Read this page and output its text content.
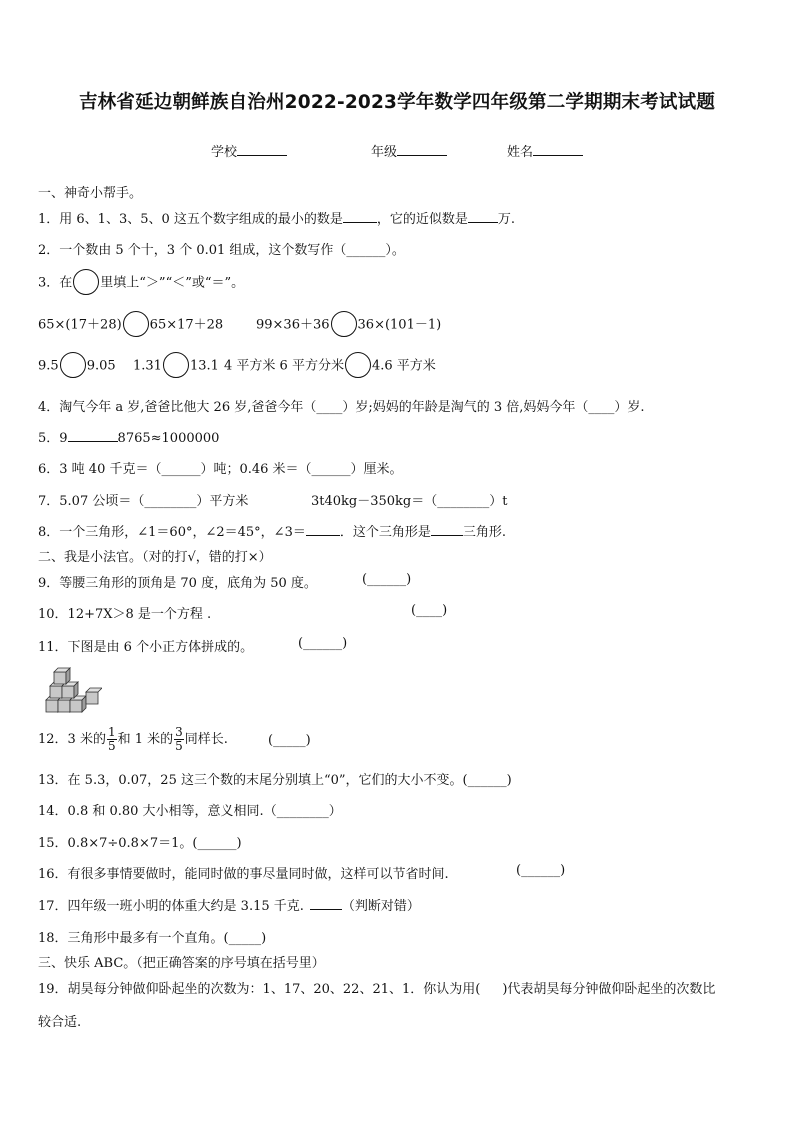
吉林省延边朝鲜族自治州2022-2023学年数学四年级第二学期期末考试试题
学校	年级	姓名
一、神奇小帮手。
1．用 6、1、3、5、0 这五个数字组成的最小的数是	，它的近似数是 万.
2．一个数由 5 个十，3 个 0.01 组成，这个数写作（______）。
3．在 里填上“＞”“＜”或“＝”。
65×(17＋28) 65×17＋28	99×36＋36 36×(101－1)
9.5 9.05 1.31 13.1 4 平方米 6 平方分米 4.6 平方米
4．淘气今年 a 岁,爸爸比他大 26 岁,爸爸今年（____）岁;妈妈的年龄是淘气的 3 倍,妈妈今年（____）岁.
5．9	8765≈1000000
6．3 吨 40 千克＝（______）吨；0.46 米＝（______）厘米。
7．5.07 公顷＝（________）平方米	3t40kg－350kg＝（________）t
8．一个三角形，∠1＝60°，∠2＝45°，∠3＝	．这个三角形是 三角形.
二、我是小法官。（对的打√，错的打×）
9．等腰三角形的顶角是 70 度，底角为 50 度。	(______)
10．12+7X＞8 是一个方程 .	(____)
11．下图是由 6 个小正方体拼成的。	(______)
12．3 米的 $\frac{1}{5}$ 和 1 米的 $\frac{3}{5}$ 同样长.	(_____)
13．在 5.3，0.07，25 这三个数的末尾分别填上“0”，它们的大小不变。(______)
14．0.8 和 0.80 大小相等，意义相同.（________）
15．0.8×7÷0.8×7＝1。(______)
16．有很多事情要做时，能同时做的事尽量同时做，这样可以节省时间.	(______)
17．四年级一班小明的体重大约是 3.15 千克.	（判断对错）
18．三角形中最多有一个直角。(_____)
三、快乐 ABC。（把正确答案的序号填在括号里）
19．胡昊每分钟做仰卧起坐的次数为：1、17、20、22、21、1．你认为用( )代表胡昊每分钟做仰卧起坐的次数比
较合适.
